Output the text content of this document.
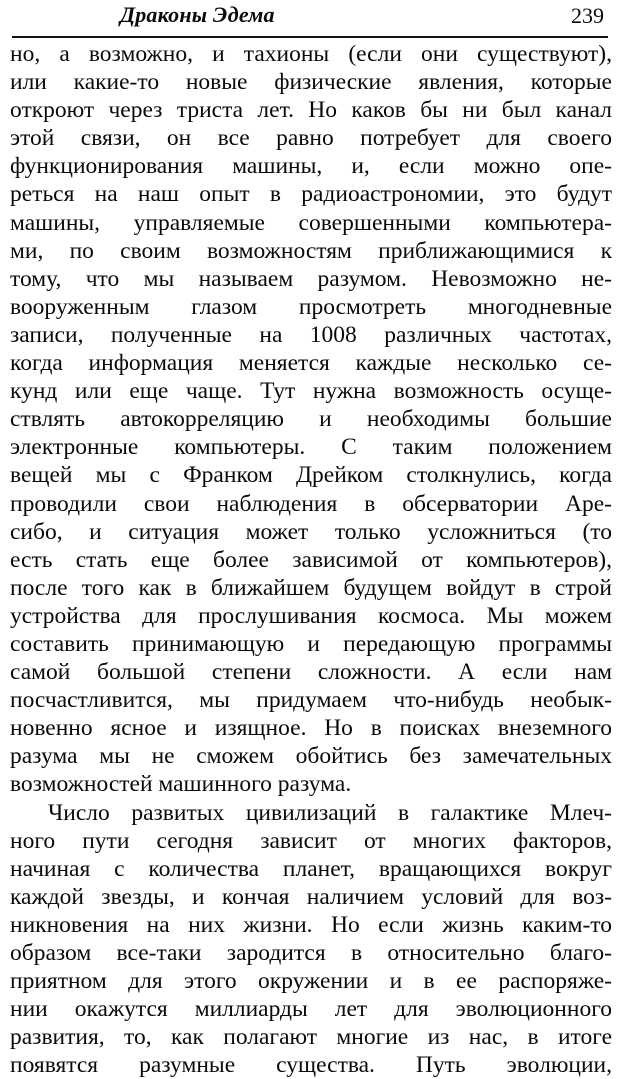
Драконы Эдема	239
но, а возможно, и тахионы (если они существуют),
или какие-то новые физические явления, которые
откроют через триста лет. Но каков бы ни был канал
этой связи, он все равно потребует для своего
функционирования машины, и, если можно опе-
реться на наш опыт в радиоастрономии, это будут
машины, управляемые совершенными компьютера-
ми, по своим возможностям приближающимися к
тому, что мы называем разумом. Невозможно не-
вооруженным глазом просмотреть многодневные
записи, полученные на 1008 различных частотах,
когда информация меняется каждые несколько се-
кунд или еще чаще. Тут нужна возможность осуще-
ствлять автокорреляцию и необходимы большие
электронные компьютеры. С таким положением
вещей мы с Франком Дрейком столкнулись, когда
проводили свои наблюдения в обсерватории Аре-
сибо, и ситуация может только усложниться (то
есть стать еще более зависимой от компьютеров),
после того как в ближайшем будущем войдут в строй
устройства для прослушивания космоса. Мы можем
составить принимающую и передающую программы
самой большой степени сложности. А если нам
посчастливится, мы придумаем что-нибудь необык-
новенно ясное и изящное. Но в поисках внеземного
разума мы не сможем обойтись без замечательных
возможностей машинного разума.
Число развитых цивилизаций в галактике Млеч-
ного пути сегодня зависит от многих факторов,
начиная с количества планет, вращающихся вокруг
каждой звезды, и кончая наличием условий для воз-
никновения на них жизни. Но если жизнь каким-то
образом все-таки зародится в относительно благо-
приятном для этого окружении и в ее распоряже-
нии окажутся миллиарды лет для эволюционного
развития, то, как полагают многие из нас, в итоге
появятся разумные существа. Путь эволюции,
